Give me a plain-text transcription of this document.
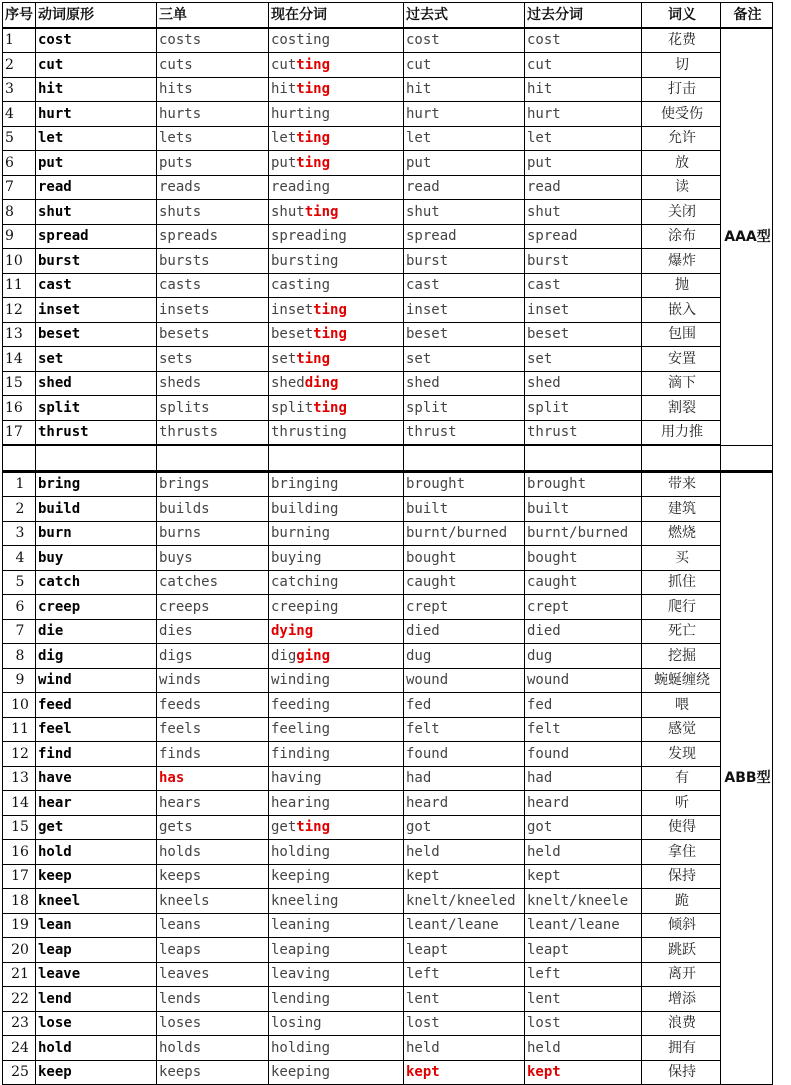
序号	动词原形	三单	现在分词	过去式	过去分词	词义	备注
1	cost	costs	costing	cost	cost	花费	AAA型
2	cut	cuts	cutting	cut	cut	切	
3	hit	hits	hitting	hit	hit	打击	
4	hurt	hurts	hurting	hurt	hurt	使受伤	
5	let	lets	letting	let	let	允许	
6	put	puts	putting	put	put	放	
7	read	reads	reading	read	read	读	
8	shut	shuts	shutting	shut	shut	关闭	
9	spread	spreads	spreading	spread	spread	涂布	
10	burst	bursts	bursting	burst	burst	爆炸	
11	cast	casts	casting	cast	cast	抛	
12	inset	insets	insetting	inset	inset	嵌入	
13	beset	besets	besetting	beset	beset	包围	
14	set	sets	setting	set	set	安置	
15	shed	sheds	shedding	shed	shed	滴下	
16	split	splits	splitting	split	split	割裂	
17	thrust	thrusts	thrusting	thrust	thrust	用力推	

1	bring	brings	bringing	brought	brought	带来	ABB型
2	build	builds	building	built	built	建筑	
3	burn	burns	burning	burnt/burned	burnt/burned	燃烧	
4	buy	buys	buying	bought	bought	买	
5	catch	catches	catching	caught	caught	抓住	
6	creep	creeps	creeping	crept	crept	爬行	
7	die	dies	dying	died	died	死亡	
8	dig	digs	digging	dug	dug	挖掘	
9	wind	winds	winding	wound	wound	蜿蜒缠绕	
10	feed	feeds	feeding	fed	fed	喂	
11	feel	feels	feeling	felt	felt	感觉	
12	find	finds	finding	found	found	发现	
13	have	has	having	had	had	有	
14	hear	hears	hearing	heard	heard	听	
15	get	gets	getting	got	got	使得	
16	hold	holds	holding	held	held	拿住	
17	keep	keeps	keeping	kept	kept	保持	
18	kneel	kneels	kneeling	knelt/kneeled	knelt/kneele	跪	
19	lean	leans	leaning	leant/leane	leant/leane	倾斜	
20	leap	leaps	leaping	leapt	leapt	跳跃	
21	leave	leaves	leaving	left	left	离开	
22	lend	lends	lending	lent	lent	增添	
23	lose	loses	losing	lost	lost	浪费	
24	hold	holds	holding	held	held	拥有	
25	keep	keeps	keeping	kept	kept	保持	
